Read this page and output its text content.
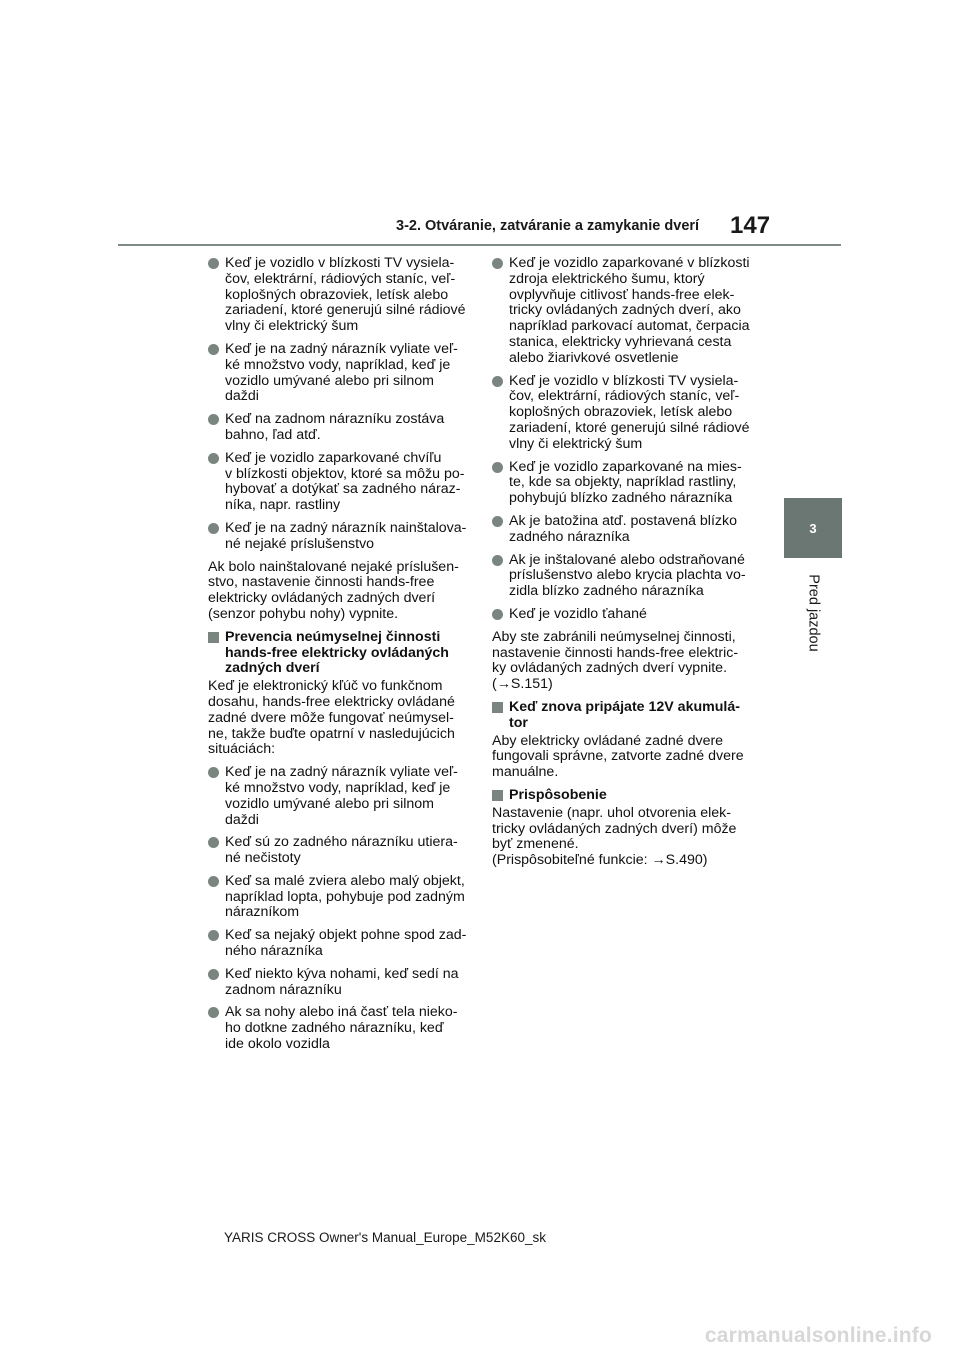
3-2. Otváranie, zatváranie a zamykanie dverí 147
3
Pred jazdou
Keď je vozidlo v blízkosti TV vysiela-
čov, elektrární, rádiových staníc, veľ-
koplošných obrazoviek, letísk alebo
zariadení, ktoré generujú silné rádiové
vlny či elektrický šum
Keď je na zadný nárazník vyliate veľ-
ké množstvo vody, napríklad, keď je
vozidlo umývané alebo pri silnom
daždi
Keď na zadnom nárazníku zostáva
bahno, ľad atď.
Keď je vozidlo zaparkované chvíľu
v blízkosti objektov, ktoré sa môžu po-
hybovať a dotýkať sa zadného náraz-
níka, napr. rastliny
Keď je na zadný nárazník nainštalova-
né nejaké príslušenstvo
Ak bolo nainštalované nejaké príslušen-
stvo, nastavenie činnosti hands-free
elektricky ovládaných zadných dverí
(senzor pohybu nohy) vypnite.
Prevencia neúmyselnej činnosti
hands-free elektricky ovládaných
zadných dverí
Keď je elektronický kľúč vo funkčnom
dosahu, hands-free elektricky ovládané
zadné dvere môže fungovať neúmysel-
ne, takže buďte opatrní v nasledujúcich
situáciách:
Keď je na zadný nárazník vyliate veľ-
ké množstvo vody, napríklad, keď je
vozidlo umývané alebo pri silnom
daždi
Keď sú zo zadného nárazníku utiera-
né nečistoty
Keď sa malé zviera alebo malý objekt,
napríklad lopta, pohybuje pod zadným
nárazníkom
Keď sa nejaký objekt pohne spod zad-
ného nárazníka
Keď niekto kýva nohami, keď sedí na
zadnom nárazníku
Ak sa nohy alebo iná časť tela nieko-
ho dotkne zadného nárazníku, keď
ide okolo vozidla
Keď je vozidlo zaparkované v blízkosti
zdroja elektrického šumu, ktorý
ovplyvňuje citlivosť hands-free elek-
tricky ovládaných zadných dverí, ako
napríklad parkovací automat, čerpacia
stanica, elektricky vyhrievaná cesta
alebo žiarivkové osvetlenie
Keď je vozidlo v blízkosti TV vysiela-
čov, elektrární, rádiových staníc, veľ-
koplošných obrazoviek, letísk alebo
zariadení, ktoré generujú silné rádiové
vlny či elektrický šum
Keď je vozidlo zaparkované na mies-
te, kde sa objekty, napríklad rastliny,
pohybujú blízko zadného nárazníka
Ak je batožina atď. postavená blízko
zadného nárazníka
Ak je inštalované alebo odstraňované
príslušenstvo alebo krycia plachta vo-
zidla blízko zadného nárazníka
Keď je vozidlo ťahané
Aby ste zabránili neúmyselnej činnosti,
nastavenie činnosti hands-free elektric-
ky ovládaných zadných dverí vypnite.
(→S.151)
Keď znova pripájate 12V akumulá-
tor
Aby elektricky ovládané zadné dvere
fungovali správne, zatvorte zadné dvere
manuálne.
Prispôsobenie
Nastavenie (napr. uhol otvorenia elek-
tricky ovládaných zadných dverí) môže
byť zmenené.
(Prispôsobiteľné funkcie: →S.490)
YARIS CROSS Owner's Manual_Europe_M52K60_sk
carmanualsonline.info
